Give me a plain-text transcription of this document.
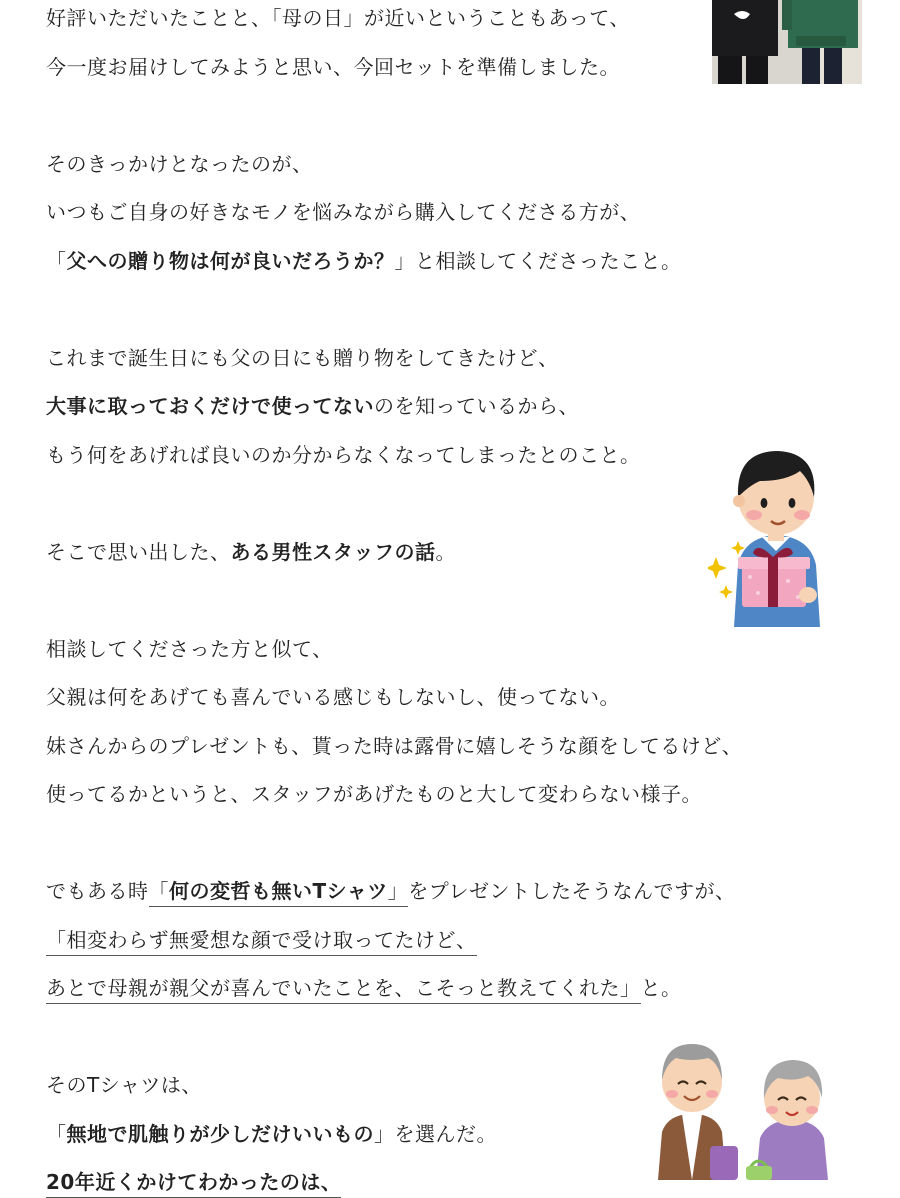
好評いただいたことと、「母の日」が近いということもあって、

今一度お届けしてみようと思い、今回セットを準備しました。

そのきっかけとなったのが、

いつもご自身の好きなモノを悩みながら購入してくださる方が、

「父への贈り物は何が良いだろうか？」と相談してくださったこと。

これまで誕生日にも父の日にも贈り物をしてきたけど、

大事に取っておくだけで使ってないのを知っているから、

もう何をあげれば良いのか分からなくなってしまったとのこと。

そこで思い出した、ある男性スタッフの話。

相談してくださった方と似て、

父親は何をあげても喜んでいる感じもしないし、使ってない。

妹さんからのプレゼントも、貰った時は露骨に嬉しそうな顔をしてるけど、

使ってるかというと、スタッフがあげたものと大して変わらない様子。

でもある時「何の変哲も無いTシャツ」をプレゼントしたそうなんですが、

「相変わらず無愛想な顔で受け取ってたけど、

あとで母親が親父が喜んでいたことを、こそっと教えてくれた」と。

そのTシャツは、

「無地で肌触りが少しだけいいもの」を選んだ。

20年近くかけてわかったのは、
